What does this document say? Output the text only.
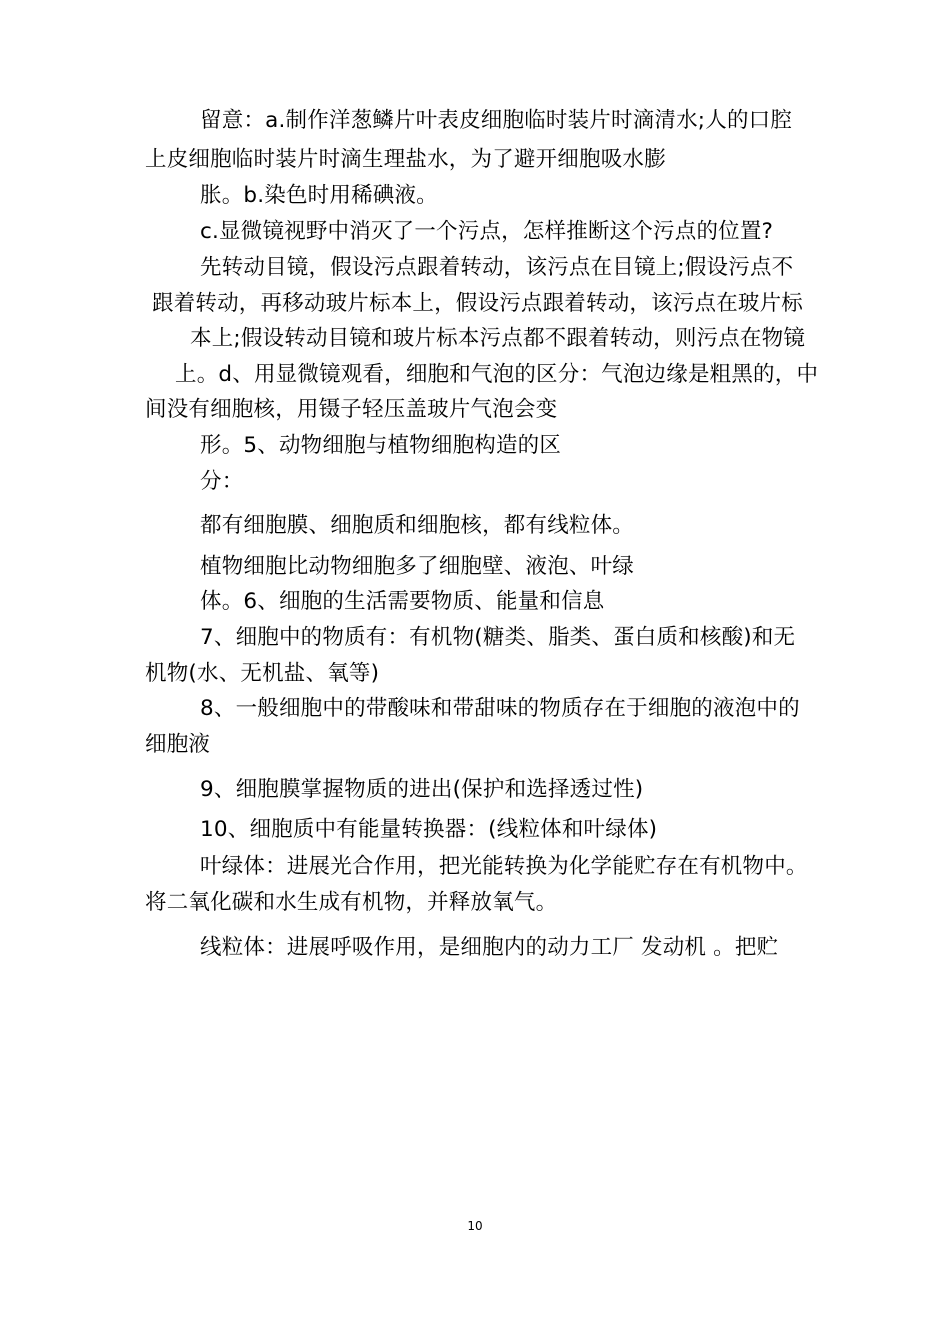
留意：a.制作洋葱鳞片叶表皮细胞临时装片时滴清水;人的口腔
上皮细胞临时装片时滴生理盐水，为了避开细胞吸水膨
胀。b.染色时用稀碘液。
c.显微镜视野中消灭了一个污点，怎样推断这个污点的位置?
先转动目镜，假设污点跟着转动，该污点在目镜上;假设污点不
跟着转动，再移动玻片标本上，假设污点跟着转动，该污点在玻片标
本上;假设转动目镜和玻片标本污点都不跟着转动，则污点在物镜
上。d、用显微镜观看，细胞和气泡的区分：气泡边缘是粗黑的，中
间没有细胞核，用镊子轻压盖玻片气泡会变
形。5、动物细胞与植物细胞构造的区
分：
都有细胞膜、细胞质和细胞核，都有线粒体。
植物细胞比动物细胞多了细胞壁、液泡、叶绿
体。6、细胞的生活需要物质、能量和信息
7、细胞中的物质有：有机物(糖类、脂类、蛋白质和核酸)和无
机物(水、无机盐、氧等)
8、一般细胞中的带酸味和带甜味的物质存在于细胞的液泡中的
细胞液
9、细胞膜掌握物质的进出(保护和选择透过性)
10、细胞质中有能量转换器：(线粒体和叶绿体)
叶绿体：进展光合作用，把光能转换为化学能贮存在有机物中。
将二氧化碳和水生成有机物，并释放氧气。
线粒体：进展呼吸作用，是细胞内的动力工厂 发动机 。把贮
10
